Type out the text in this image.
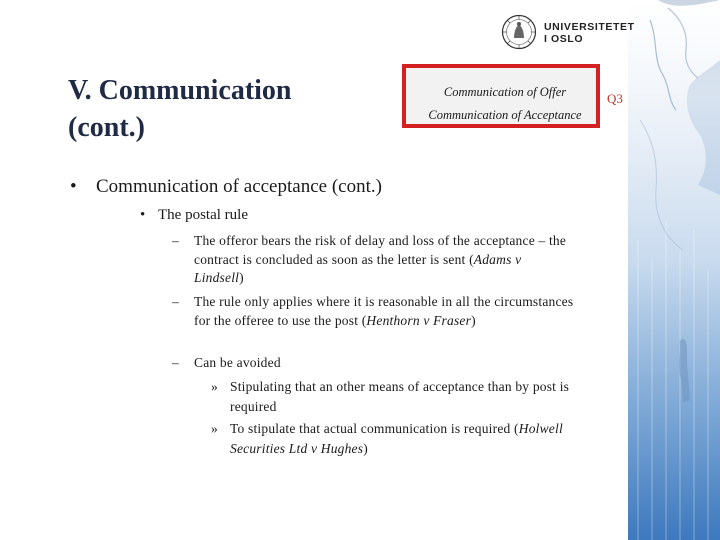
UNIVERSITETET
I OSLO
V. Communication
(cont.)
Communication of Offer
Communication of Acceptance
Q3
• Communication of acceptance (cont.)
• The postal rule
– The offeror bears the risk of delay and loss of the acceptance – the contract is concluded as soon as the letter is sent (Adams v Lindsell)
– The rule only applies where it is reasonable in all the circumstances for the offeree to use the post (Henthorn v Fraser)
– Can be avoided
» Stipulating that an other means of acceptance than by post is required
» To stipulate that actual communication is required (Holwell Securities Ltd v Hughes)
